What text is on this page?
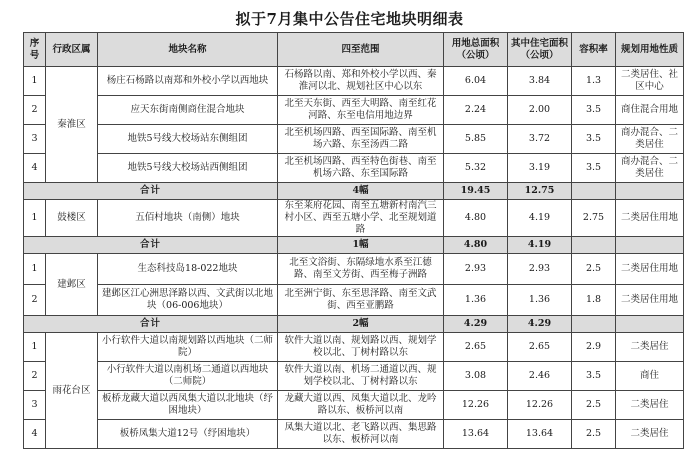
拟于7月集中公告住宅地块明细表
序号	行政区属	地块名称	四至范围	用地总面积（公顷）	其中住宅面积（公顷）	容积率	规划用地性质
1	秦淮区	杨庄石杨路以南郑和外校小学以西地块	石杨路以南、郑和外校小学以西、秦淮河以北、规划社区中心以东	6.04	3.84	1.3	二类居住、社区中心
2		应天东街南侧商住混合地块	北至天东街、西至大明路、南至红花河路、东至电信用地边界	2.24	2.00	3.5	商住混合用地
3		地铁5号线大校场站东侧组团	北至机场四路、西至国际路、南至机场六路、东至汤西二路	5.85	3.72	3.5	商办混合、二类居住
4		地铁5号线大校场站西侧组团	北至机场四路、西至特色街巷、南至机场六路、东至国际路	5.32	3.19	3.5	商办混合、二类居住
合计			4幅	19.45	12.75		
1	鼓楼区	五佰村地块（南侧）地块	东至莱府花园、南至五塘新村南汽三村小区、西至五塘小学、北至规划道路	4.80	4.19	2.75	二类居住用地
合计			1幅	4.80	4.19		
1	建邺区	生态科技岛18-022地块	北至文浴街、东隔绿地水系至江德路、南至文芳街、西至梅子洲路	2.93	2.93	2.5	二类居住用地
2		建邺区江心洲思泽路以西、文武街以北地块（06-006地块）	北至洲宁街、东至思泽路、南至文武街、西至亚鹏路	1.36	1.36	1.8	二类居住用地
合计			2幅	4.29	4.29		
1	雨花台区	小行软件大道以南规划路以西地块（二师院）	软件大道以南、规划路以西、规划学校以北、丁树村路以东	2.65	2.65	2.9	二类居住
2		小行软件大道以南机场二通道以西地块（二师院）	软件大道以南、机场二通道以西、规划学校以北、丁树村路以东	3.08	2.46	3.5	商住
3		板桥龙藏大道以西凤集大道以北地块（纾困地块）	龙藏大道以西、凤集大道以北、龙吟路以东、板桥河以南	12.26	12.26	2.5	二类居住
4		板桥凤集大道12号（纾困地块）	凤集大道以北、老飞路以西、集思路以东、板桥河以南	13.64	13.64	2.5	二类居住
